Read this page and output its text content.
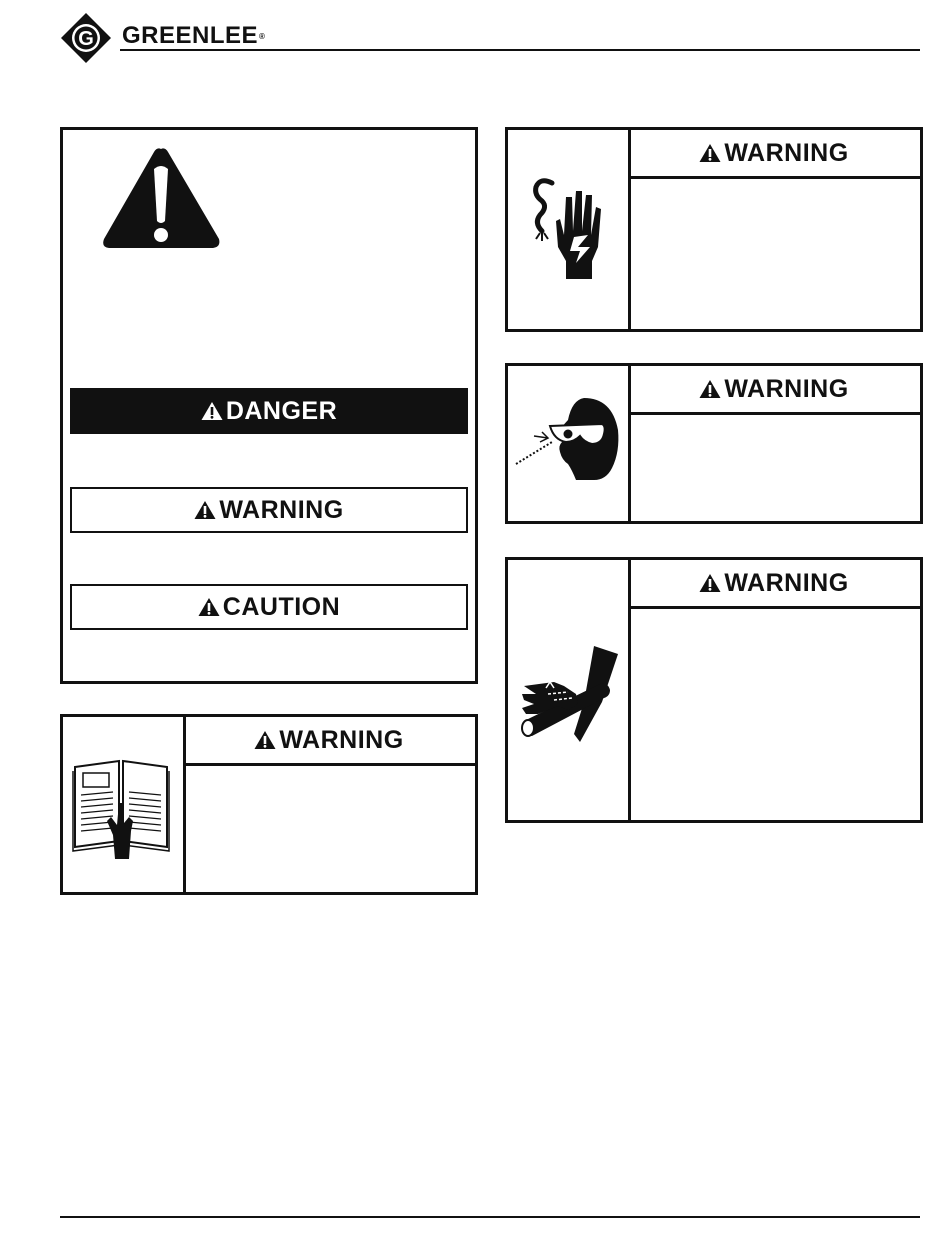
G GREENLEE®
DANGER
WARNING
CAUTION
WARNING
WARNING
WARNING
WARNING
